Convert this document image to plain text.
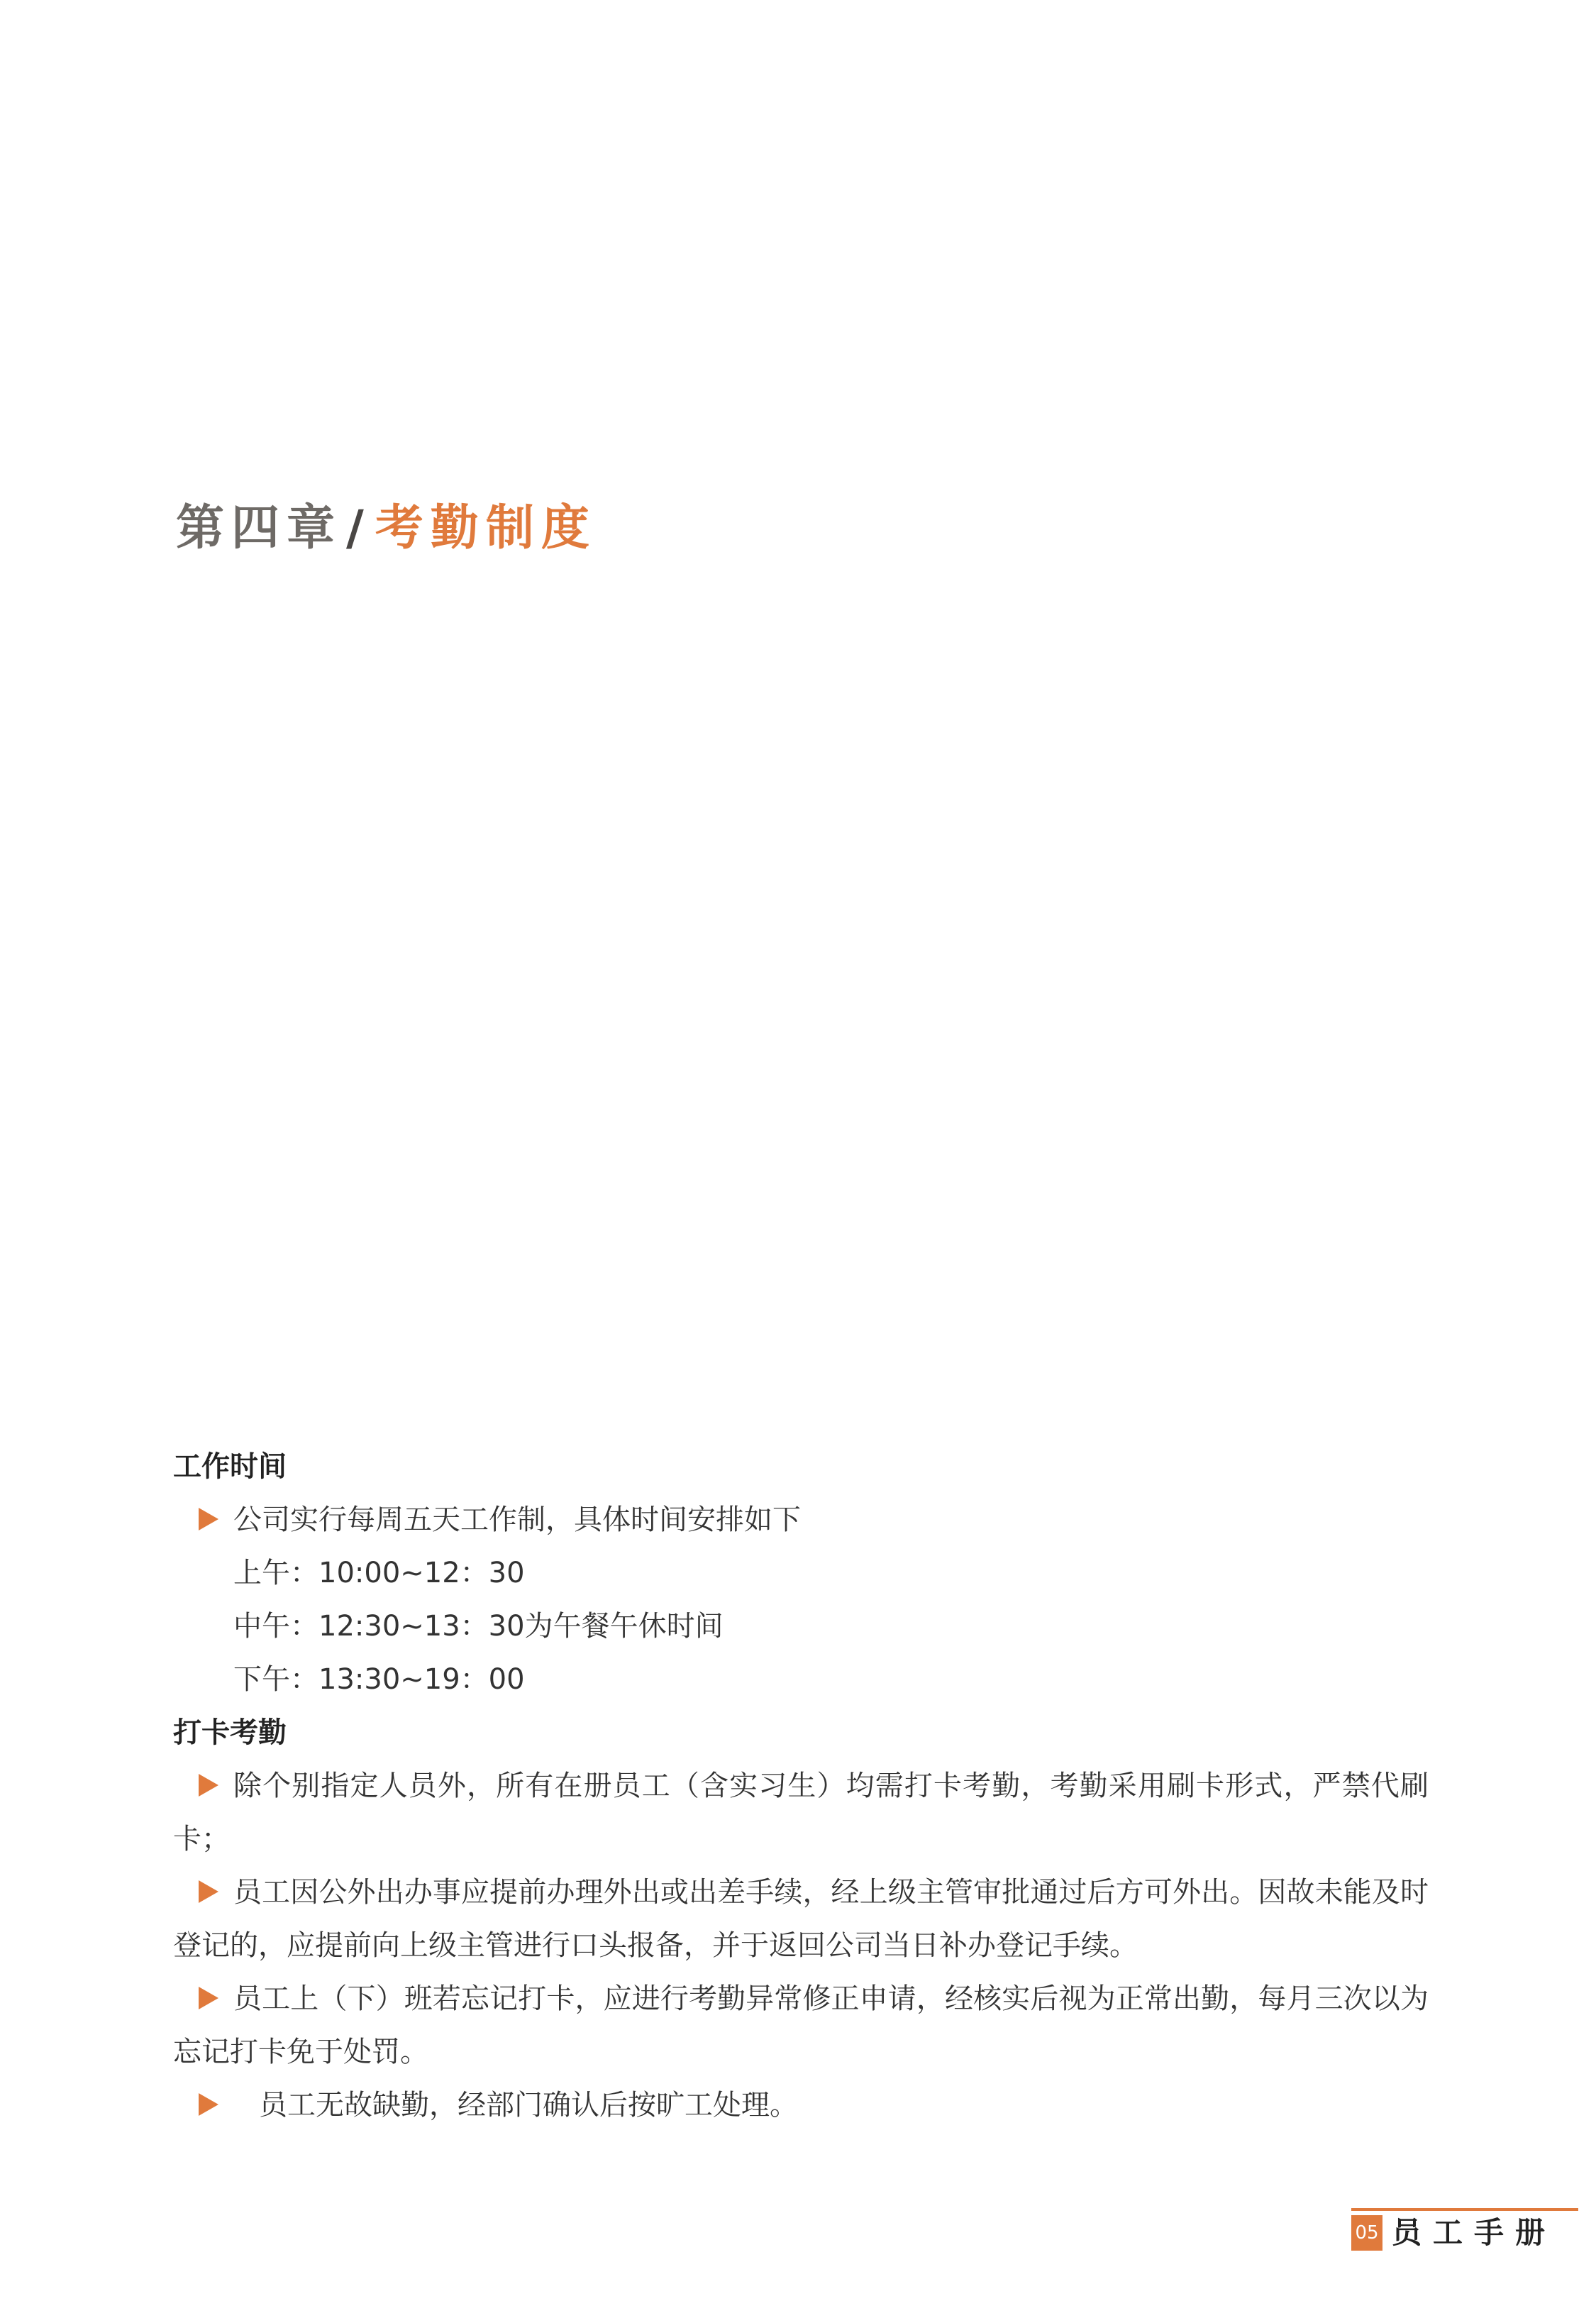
第四章/考勤制度
工作时间
公司实行每周五天工作制，具体时间安排如下
上午：10:00~12：30
中午：12:30~13：30为午餐午休时间
下午：13:30~19：00
打卡考勤
除个别指定人员外，所有在册员工（含实习生）均需打卡考勤，考勤采用刷卡形式，严禁代刷卡；
员工因公外出办事应提前办理外出或出差手续，经上级主管审批通过后方可外出。因故未能及时登记的，应提前向上级主管进行口头报备，并于返回公司当日补办登记手续。
员工上（下）班若忘记打卡，应进行考勤异常修正申请，经核实后视为正常出勤，每月三次以为忘记打卡免于处罚。
员工无故缺勤，经部门确认后按旷工处理。
05 员工手册
